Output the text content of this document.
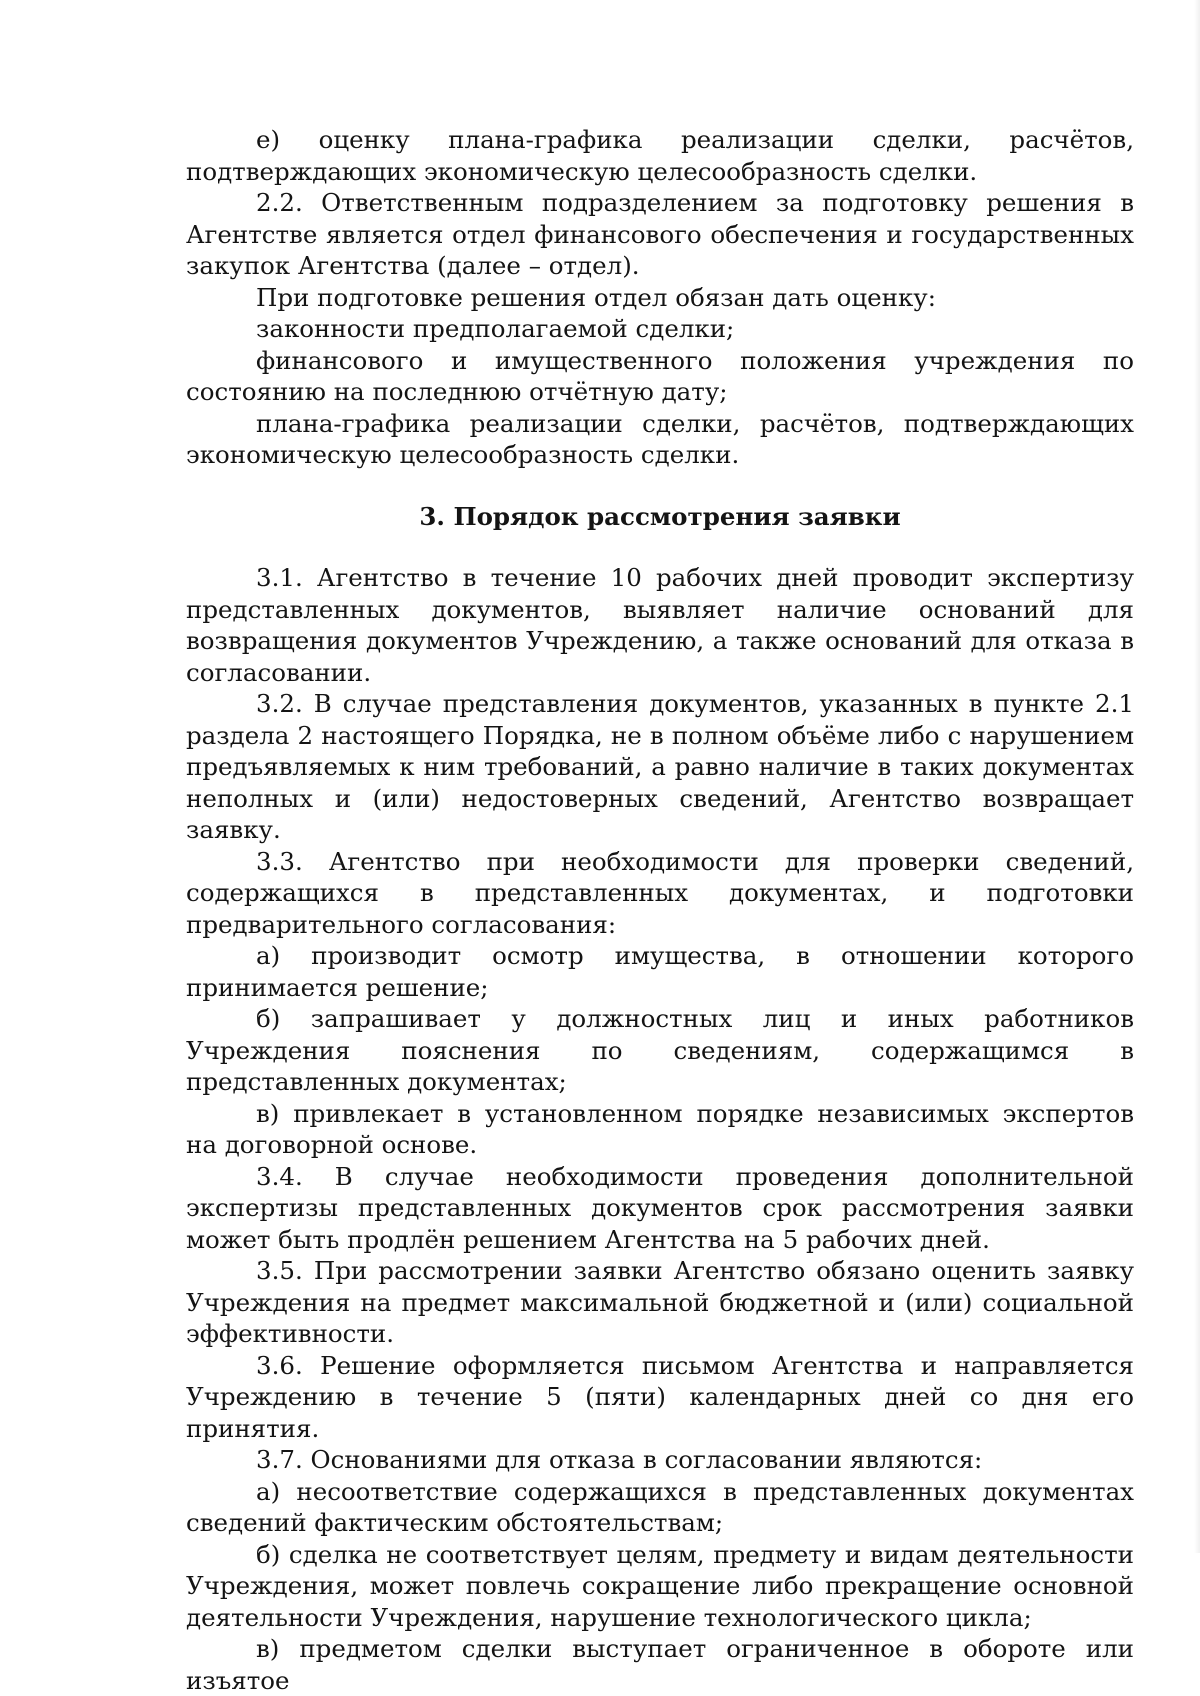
е) оценку плана-графика реализации сделки, расчётов, подтверждающих экономическую целесообразность сделки.

2.2. Ответственным подразделением за подготовку решения в Агентстве является отдел финансового обеспечения и государственных закупок Агентства (далее – отдел).

При подготовке решения отдел обязан дать оценку:

законности предполагаемой сделки;

финансового и имущественного положения учреждения по состоянию на последнюю отчётную дату;

плана-графика реализации сделки, расчётов, подтверждающих экономическую целесообразность сделки.

3. Порядок рассмотрения заявки

3.1. Агентство в течение 10 рабочих дней проводит экспертизу представленных документов, выявляет наличие оснований для возвращения документов Учреждению, а также оснований для отказа в согласовании.

3.2. В случае представления документов, указанных в пункте 2.1 раздела 2 настоящего Порядка, не в полном объёме либо с нарушением предъявляемых к ним требований, а равно наличие в таких документах неполных и (или) недостоверных сведений, Агентство возвращает заявку.

3.3. Агентство при необходимости для проверки сведений, содержащихся в представленных документах, и подготовки предварительного согласования:

а) производит осмотр имущества, в отношении которого принимается решение;

б) запрашивает у должностных лиц и иных работников Учреждения пояснения по сведениям, содержащимся в представленных документах;

в) привлекает в установленном порядке независимых экспертов на договорной основе.

3.4. В случае необходимости проведения дополнительной экспертизы представленных документов срок рассмотрения заявки может быть продлён решением Агентства на 5 рабочих дней.

3.5. При рассмотрении заявки Агентство обязано оценить заявку Учреждения на предмет максимальной бюджетной и (или) социальной эффективности.

3.6. Решение оформляется письмом Агентства и направляется Учреждению в течение 5 (пяти) календарных дней со дня его принятия.

3.7. Основаниями для отказа в согласовании являются:

а) несоответствие содержащихся в представленных документах сведений фактическим обстоятельствам;

б) сделка не соответствует целям, предмету и видам деятельности Учреждения, может повлечь сокращение либо прекращение основной деятельности Учреждения, нарушение технологического цикла;

в) предметом сделки выступает ограниченное в обороте или изъятое
